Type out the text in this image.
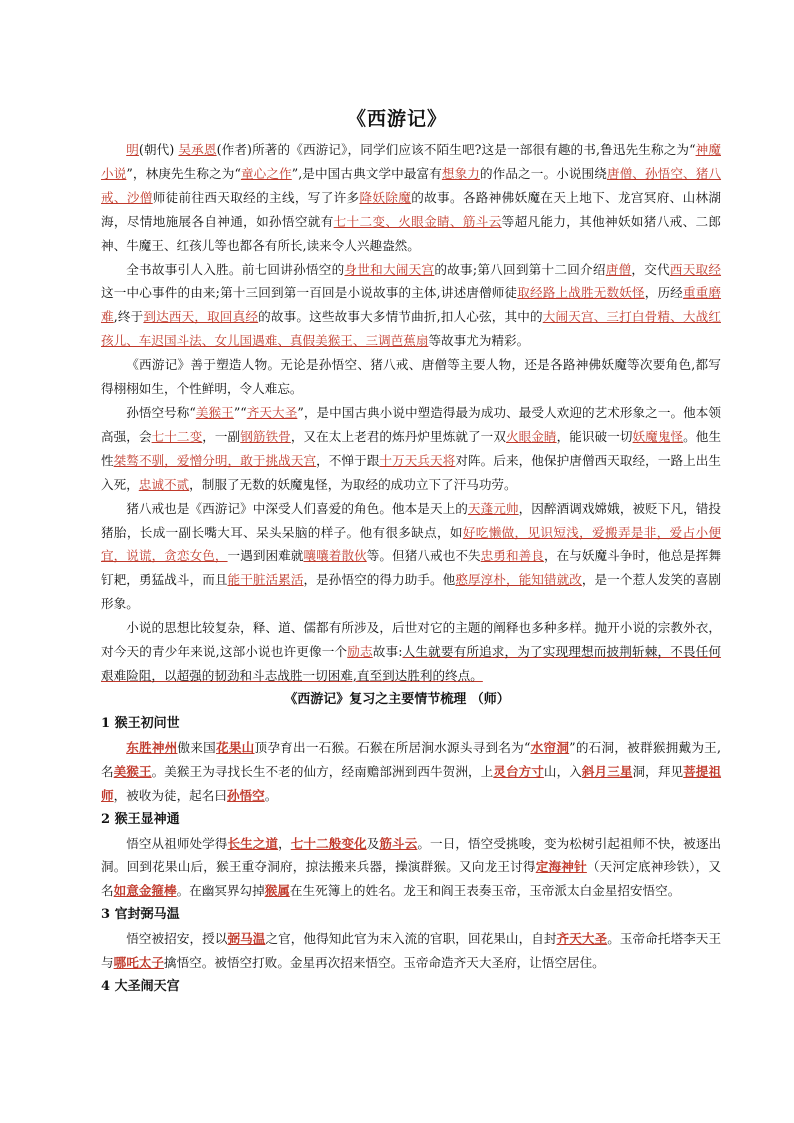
《西游记》

明(朝代) 吴承恩(作者)所著的《西游记》，同学们应该不陌生吧?这是一部很有趣的书,鲁迅先生称之为“神魔小说”，林庚先生称之为“童心之作”,是中国古典文学中最富有想象力的作品之一。小说围绕唐僧、孙悟空、猪八戒、沙僧师徒前往西天取经的主线，写了许多降妖除魔的故事。各路神佛妖魔在天上地下、龙宫冥府、山林湖海，尽情地施展各自神通，如孙悟空就有七十二变、火眼金睛、筋斗云等超凡能力，其他神妖如猪八戒、二郎神、牛魔王、红孩儿等也都各有所长,读来令人兴趣盎然。

全书故事引人入胜。前七回讲孙悟空的身世和大闹天宫的故事;第八回到第十二回介绍唐僧，交代西天取经这一中心事件的由来;第十三回到第一百回是小说故事的主体,讲述唐僧师徒取经路上战胜无数妖怪，历经重重磨难,终于到达西天，取回真经的故事。这些故事大多情节曲折,扣人心弦，其中的大闹天宫、三打白骨精、大战红孩儿、车迟国斗法、女儿国遇难、真假美猴王、三调芭蕉扇等故事尤为精彩。

《西游记》善于塑造人物。无论是孙悟空、猪八戒、唐僧等主要人物，还是各路神佛妖魔等次要角色,都写得栩栩如生，个性鲜明，令人难忘。

孙悟空号称“美猴王”“齐天大圣”，是中国古典小说中塑造得最为成功、最受人欢迎的艺术形象之一。他本领高强，会七十二变，一副钢筋铁骨，又在太上老君的炼丹炉里炼就了一双火眼金睛，能识破一切妖魔鬼怪。他生性桀骜不驯，爱憎分明，敢于挑战天宫，不惮于跟十万天兵天将对阵。后来，他保护唐僧西天取经，一路上出生入死，忠诚不贰，制服了无数的妖魔鬼怪，为取经的成功立下了汗马功劳。

猪八戒也是《西游记》中深受人们喜爱的角色。他本是天上的天蓬元帅，因醉酒调戏嫦娥，被贬下凡，错投猪胎，长成一副长嘴大耳、呆头呆脑的样子。他有很多缺点，如好吃懒做，见识短浅，爱搬弄是非，爱占小便宜，说谎，贪恋女色，一遇到困难就嚷嚷着散伙等。但猪八戒也不失忠勇和善良，在与妖魔斗争时，他总是挥舞钉耙，勇猛战斗，而且能干脏活累活，是孙悟空的得力助手。他憨厚淳朴，能知错就改，是一个惹人发笑的喜剧形象。

小说的思想比较复杂，释、道、儒都有所涉及，后世对它的主题的阐释也多种多样。抛开小说的宗教外衣，对今天的青少年来说,这部小说也许更像一个励志故事:人生就要有所追求，为了实现理想而披荆斩棘，不畏任何艰难险阻，以超强的韧劲和斗志战胜一切困难,直至到达胜利的终点。

《西游记》复习之主要情节梳理 （师）
1 猴王初问世

东胜神州傲来国花果山顶孕育出一石猴。石猴在所居涧水源头寻到名为“水帘洞”的石洞，被群猴拥戴为王,名美猴王。美猴王为寻找长生不老的仙方，经南赡部洲到西牛贺洲，上灵台方寸山，入斜月三星洞，拜见菩提祖师，被收为徒，起名曰孙悟空。

2 猴王显神通

悟空从祖师处学得长生之道，七十二般变化及筋斗云。一日，悟空受挑唆，变为松树引起祖师不快，被逐出洞。回到花果山后，猴王重夺洞府，掠法搬来兵器，操演群猴。又向龙王讨得定海神针（天河定底神珍铁），又名如意金箍棒。在幽冥界勾掉猴属在生死簿上的姓名。龙王和阎王表奏玉帝，玉帝派太白金星招安悟空。

3 官封弼马温

悟空被招安，授以弼马温之官，他得知此官为末入流的官职，回花果山，自封齐天大圣。玉帝命托塔李天王与哪吒太子擒悟空。被悟空打败。金星再次招来悟空。玉帝命造齐天大圣府，让悟空居住。

4 大圣闹天宫
